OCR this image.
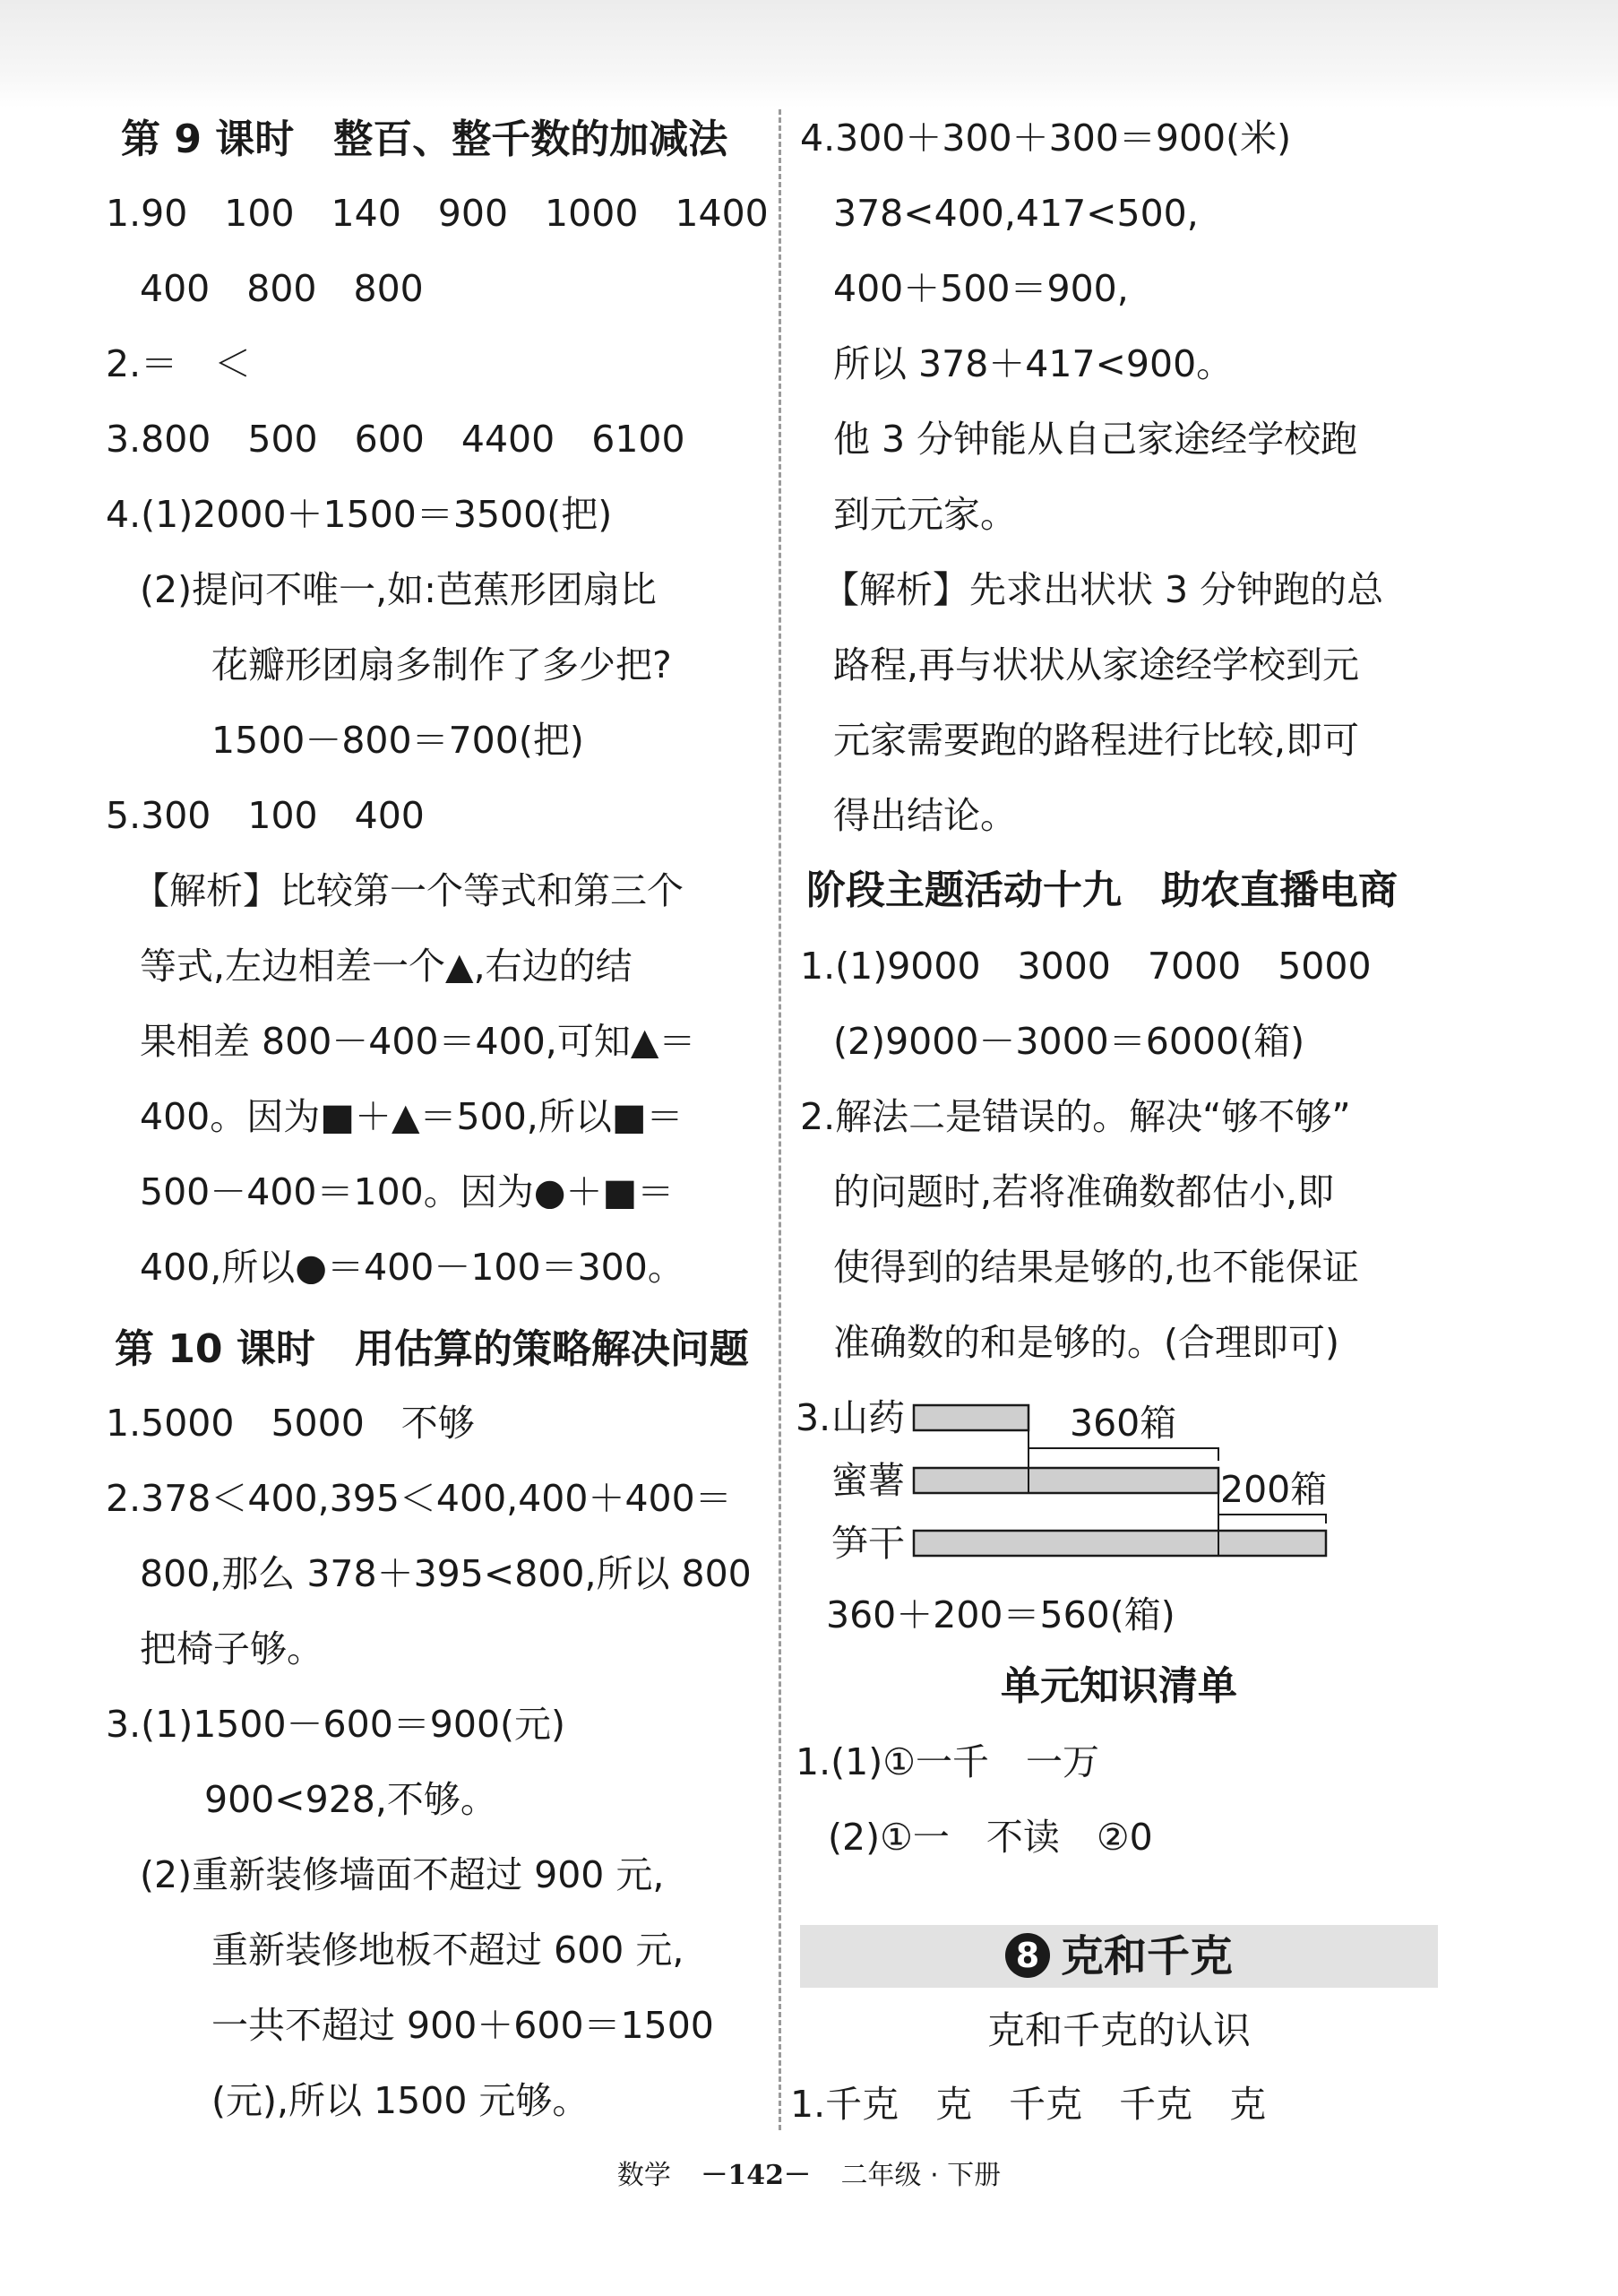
第 9 课时　整百、整千数的加减法
1.90　100　140　900　1000　1400
400　800　800
2.＝　＜
3.800　500　600　4400　6100
4.(1)2000＋1500＝3500(把)
(2)提问不唯一,如:芭蕉形团扇比
花瓣形团扇多制作了多少把?
1500－800＝700(把)
5.300　100　400
【解析】比较第一个等式和第三个
等式,左边相差一个▲,右边的结
果相差 800－400＝400,可知▲＝
400。因为■＋▲＝500,所以■＝
500－400＝100。因为●＋■＝
400,所以●＝400－100＝300。
第 10 课时　用估算的策略解决问题
1.5000　5000　不够
2.378＜400,395＜400,400＋400＝
800,那么 378＋395<800,所以 800
把椅子够。
3.(1)1500－600＝900(元)
900<928,不够。
(2)重新装修墙面不超过 900 元,
重新装修地板不超过 600 元,
一共不超过 900＋600＝1500
(元),所以 1500 元够。
4.300＋300＋300＝900(米)
378<400,417<500,
400＋500＝900,
所以 378＋417<900。
他 3 分钟能从自己家途经学校跑
到元元家。
【解析】先求出状状 3 分钟跑的总
路程,再与状状从家途经学校到元
元家需要跑的路程进行比较,即可
得出结论。
阶段主题活动十九　助农直播电商
1.(1)9000　3000　7000　5000
(2)9000－3000＝6000(箱)
2.解法二是错误的。解决“够不够”
的问题时,若将准确数都估小,即
使得到的结果是够的,也不能保证
准确数的和是够的。(合理即可)
3. 山药
蜜薯
笋干
360箱
200箱
360＋200＝560(箱)
单元知识清单
1.(1)①一千　一万
(2)①一　不读　②0
8 克和千克
克和千克的认识
1.千克　克　千克　千克　克
数学 －142－ 二年级 · 下册
